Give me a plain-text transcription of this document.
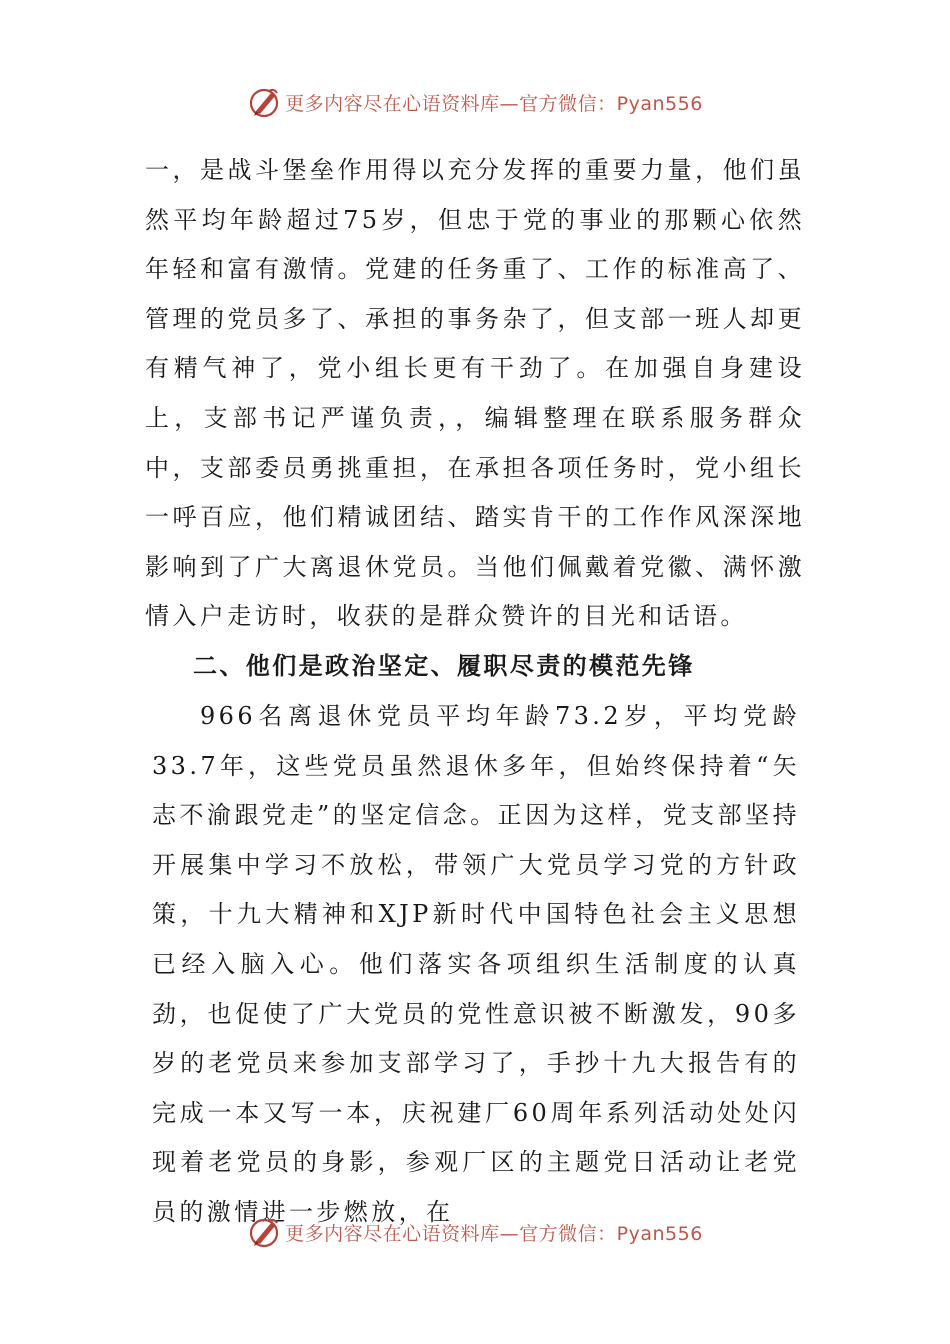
更多内容尽在心语资料库—官方微信：Pyan556

一，是战斗堡垒作用得以充分发挥的重要力量，他们虽然平均年龄超过75岁，但忠于党的事业的那颗心依然年轻和富有激情。党建的任务重了、工作的标准高了、管理的党员多了、承担的事务杂了，但支部一班人却更有精气神了，党小组长更有干劲了。在加强自身建设上，支部书记严谨负责，，编辑整理在联系服务群众中，支部委员勇挑重担，在承担各项任务时，党小组长一呼百应，他们精诚团结、踏实肯干的工作作风深深地影响到了广大离退休党员。当他们佩戴着党徽、满怀激情入户走访时，收获的是群众赞许的目光和话语。

二、他们是政治坚定、履职尽责的模范先锋

966名离退休党员平均年龄73.2岁，平均党龄33.7年，这些党员虽然退休多年，但始终保持着“矢志不渝跟党走”的坚定信念。正因为这样，党支部坚持开展集中学习不放松，带领广大党员学习党的方针政策，十九大精神和XJP新时代中国特色社会主义思想已经入脑入心。他们落实各项组织生活制度的认真劲，也促使了广大党员的党性意识被不断激发，90多岁的老党员来参加支部学习了，手抄十九大报告有的完成一本又写一本，庆祝建厂60周年系列活动处处闪现着老党员的身影，参观厂区的主题党日活动让老党员的激情进一步燃放，在

更多内容尽在心语资料库—官方微信：Pyan556
